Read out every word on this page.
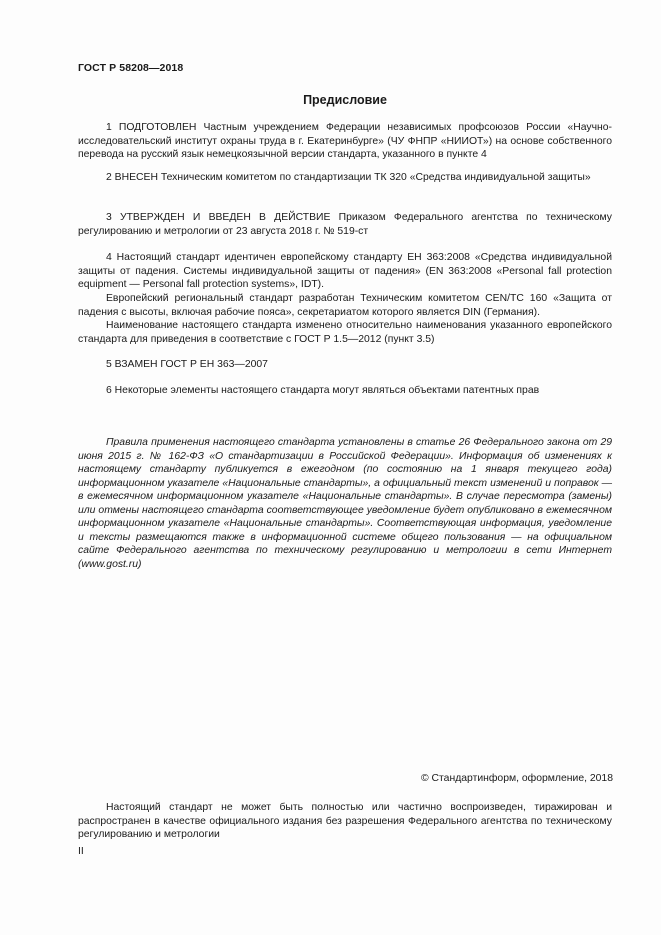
ГОСТ Р 58208—2018
Предисловие

1 ПОДГОТОВЛЕН Частным учреждением Федерации независимых профсоюзов России «Научно-исследовательский институт охраны труда в г. Екатеринбурге» (ЧУ ФНПР «НИИОТ») на основе собственного перевода на русский язык немецкоязычной версии стандарта, указанного в пункте 4

2 ВНЕСЕН Техническим комитетом по стандартизации ТК 320 «Средства индивидуальной защиты»

3 УТВЕРЖДЕН И ВВЕДЕН В ДЕЙСТВИЕ Приказом Федерального агентства по техническому регулированию и метрологии от 23 августа 2018 г. № 519-ст

4 Настоящий стандарт идентичен европейскому стандарту ЕН 363:2008 «Средства индивидуальной защиты от падения. Системы индивидуальной защиты от падения» (EN 363:2008 «Personal fall protection equipment — Personal fall protection systems», IDT).

Европейский региональный стандарт разработан Техническим комитетом CEN/TC 160 «Защита от падения с высоты, включая рабочие пояса», секретариатом которого является DIN (Германия).

Наименование настоящего стандарта изменено относительно наименования указанного европейского стандарта для приведения в соответствие с ГОСТ Р 1.5—2012 (пункт 3.5)

5 ВЗАМЕН ГОСТ Р ЕН 363—2007

6 Некоторые элементы настоящего стандарта могут являться объектами патентных прав

Правила применения настоящего стандарта установлены в статье 26 Федерального закона от 29 июня 2015 г. № 162-ФЗ «О стандартизации в Российской Федерации». Информация об изменениях к настоящему стандарту публикуется в ежегодном (по состоянию на 1 января текущего года) информационном указателе «Национальные стандарты», а официальный текст изменений и поправок — в ежемесячном информационном указателе «Национальные стандарты». В случае пересмотра (замены) или отмены настоящего стандарта соответствующее уведомление будет опубликовано в ежемесячном информационном указателе «Национальные стандарты». Соответствующая информация, уведомление и тексты размещаются также в информационной системе общего пользования — на официальном сайте Федерального агентства по техническому регулированию и метрологии в сети Интернет (www.gost.ru)

© Стандартинформ, оформление, 2018

Настоящий стандарт не может быть полностью или частично воспроизведен, тиражирован и распространен в качестве официального издания без разрешения Федерального агентства по техническому регулированию и метрологии

II
